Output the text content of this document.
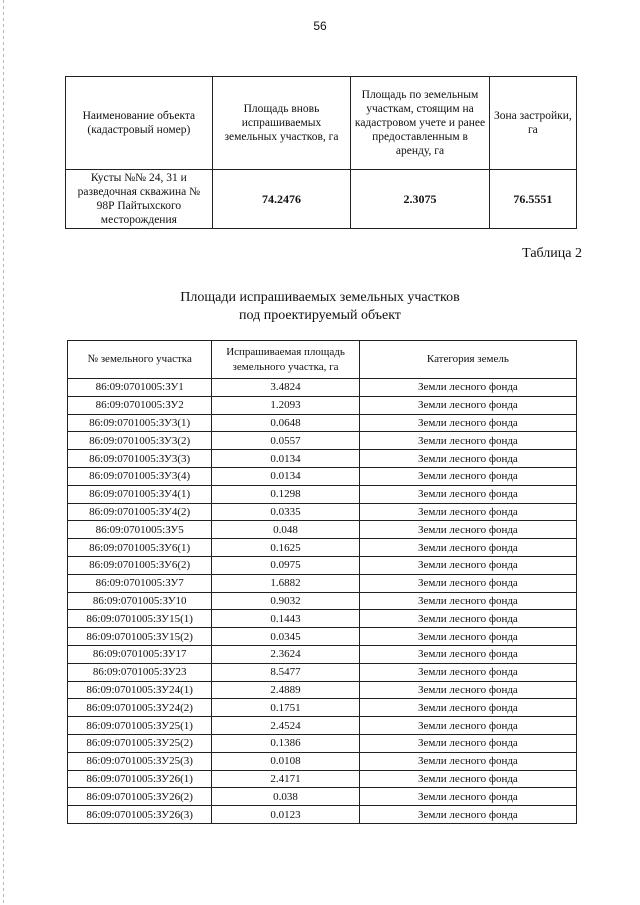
56
Наименование объекта (кадастровый номер)	Площадь вновь испрашиваемых земельных участков, га	Площадь по земельным участкам, стоящим на кадастровом учете и ранее предоставленным в аренду, га	Зона застройки, га
Кусты №№ 24, 31 и разведочная скважина № 98Р Пайтыхского месторождения	74.2476	2.3075	76.5551
Таблица 2
Площади испрашиваемых земельных участков
под проектируемый объект
№ земельного участка	Испрашиваемая площадь земельного участка, га	Категория земель
86:09:0701005:ЗУ1	3.4824	Земли лесного фонда
86:09:0701005:ЗУ2	1.2093	Земли лесного фонда
86:09:0701005:ЗУ3(1)	0.0648	Земли лесного фонда
86:09:0701005:ЗУ3(2)	0.0557	Земли лесного фонда
86:09:0701005:ЗУ3(3)	0.0134	Земли лесного фонда
86:09:0701005:ЗУ3(4)	0.0134	Земли лесного фонда
86:09:0701005:ЗУ4(1)	0.1298	Земли лесного фонда
86:09:0701005:ЗУ4(2)	0.0335	Земли лесного фонда
86:09:0701005:ЗУ5	0.048	Земли лесного фонда
86:09:0701005:ЗУ6(1)	0.1625	Земли лесного фонда
86:09:0701005:ЗУ6(2)	0.0975	Земли лесного фонда
86:09:0701005:ЗУ7	1.6882	Земли лесного фонда
86:09:0701005:ЗУ10	0.9032	Земли лесного фонда
86:09:0701005:ЗУ15(1)	0.1443	Земли лесного фонда
86:09:0701005:ЗУ15(2)	0.0345	Земли лесного фонда
86:09:0701005:ЗУ17	2.3624	Земли лесного фонда
86:09:0701005:ЗУ23	8.5477	Земли лесного фонда
86:09:0701005:ЗУ24(1)	2.4889	Земли лесного фонда
86:09:0701005:ЗУ24(2)	0.1751	Земли лесного фонда
86:09:0701005:ЗУ25(1)	2.4524	Земли лесного фонда
86:09:0701005:ЗУ25(2)	0.1386	Земли лесного фонда
86:09:0701005:ЗУ25(3)	0.0108	Земли лесного фонда
86:09:0701005:ЗУ26(1)	2.4171	Земли лесного фонда
86:09:0701005:ЗУ26(2)	0.038	Земли лесного фонда
86:09:0701005:ЗУ26(3)	0.0123	Земли лесного фонда
